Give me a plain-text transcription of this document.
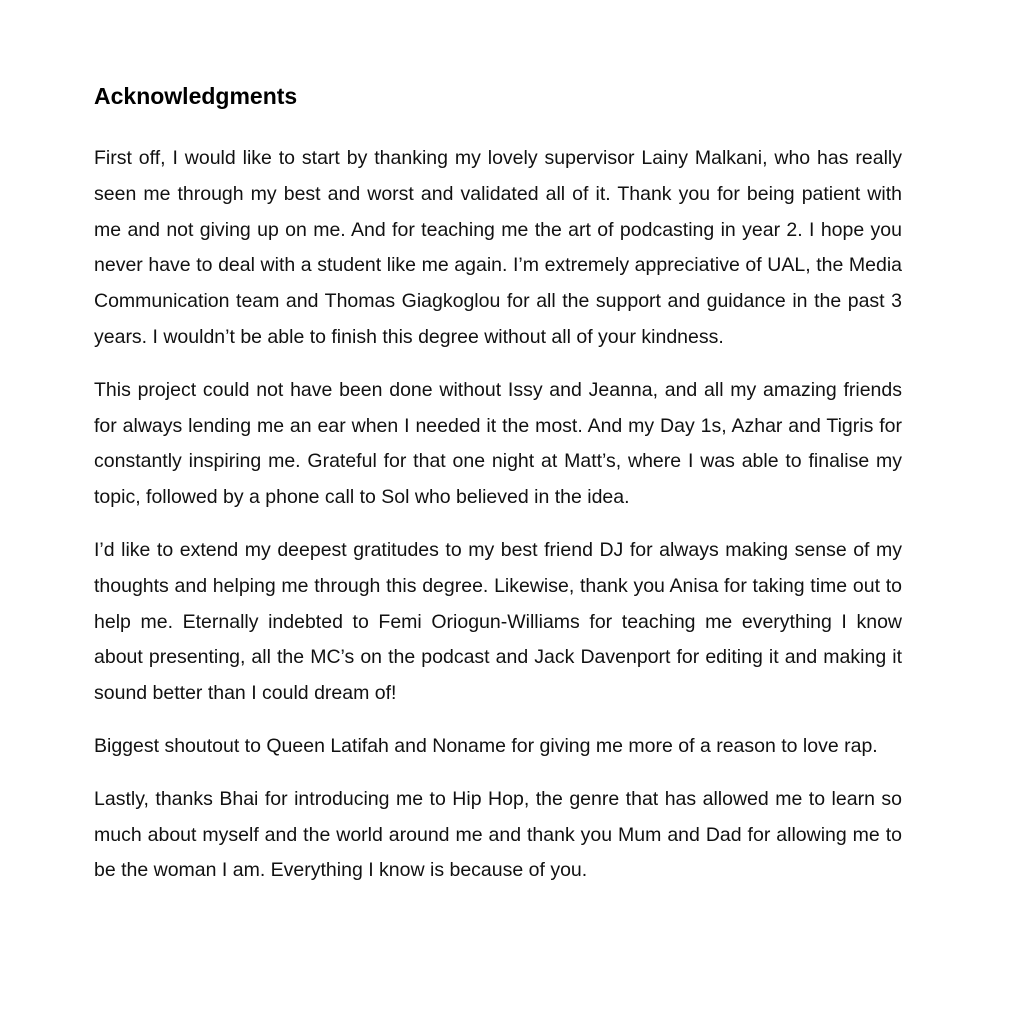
Acknowledgments

First off, I would like to start by thanking my lovely supervisor Lainy Malkani, who has really seen me through my best and worst and validated all of it. Thank you for being patient with me and not giving up on me. And for teaching me the art of podcasting in year 2. I hope you never have to deal with a student like me again. I’m extremely appreciative of UAL, the Media Communication team and Thomas Giagkoglou for all the support and guidance in the past 3 years. I wouldn’t be able to finish this degree without all of your kindness.

This project could not have been done without Issy and Jeanna, and all my amazing friends for always lending me an ear when I needed it the most. And my Day 1s, Azhar and Tigris for constantly inspiring me. Grateful for that one night at Matt’s, where I was able to finalise my topic, followed by a phone call to Sol who believed in the idea.

I’d like to extend my deepest gratitudes to my best friend DJ for always making sense of my thoughts and helping me through this degree. Likewise, thank you Anisa for taking time out to help me. Eternally indebted to Femi Oriogun-Williams for teaching me everything I know about presenting, all the MC’s on the podcast and Jack Davenport for editing it and making it sound better than I could dream of!

Biggest shoutout to Queen Latifah and Noname for giving me more of a reason to love rap.

Lastly, thanks Bhai for introducing me to Hip Hop, the genre that has allowed me to learn so much about myself and the world around me and thank you Mum and Dad for allowing me to be the woman I am. Everything I know is because of you.
